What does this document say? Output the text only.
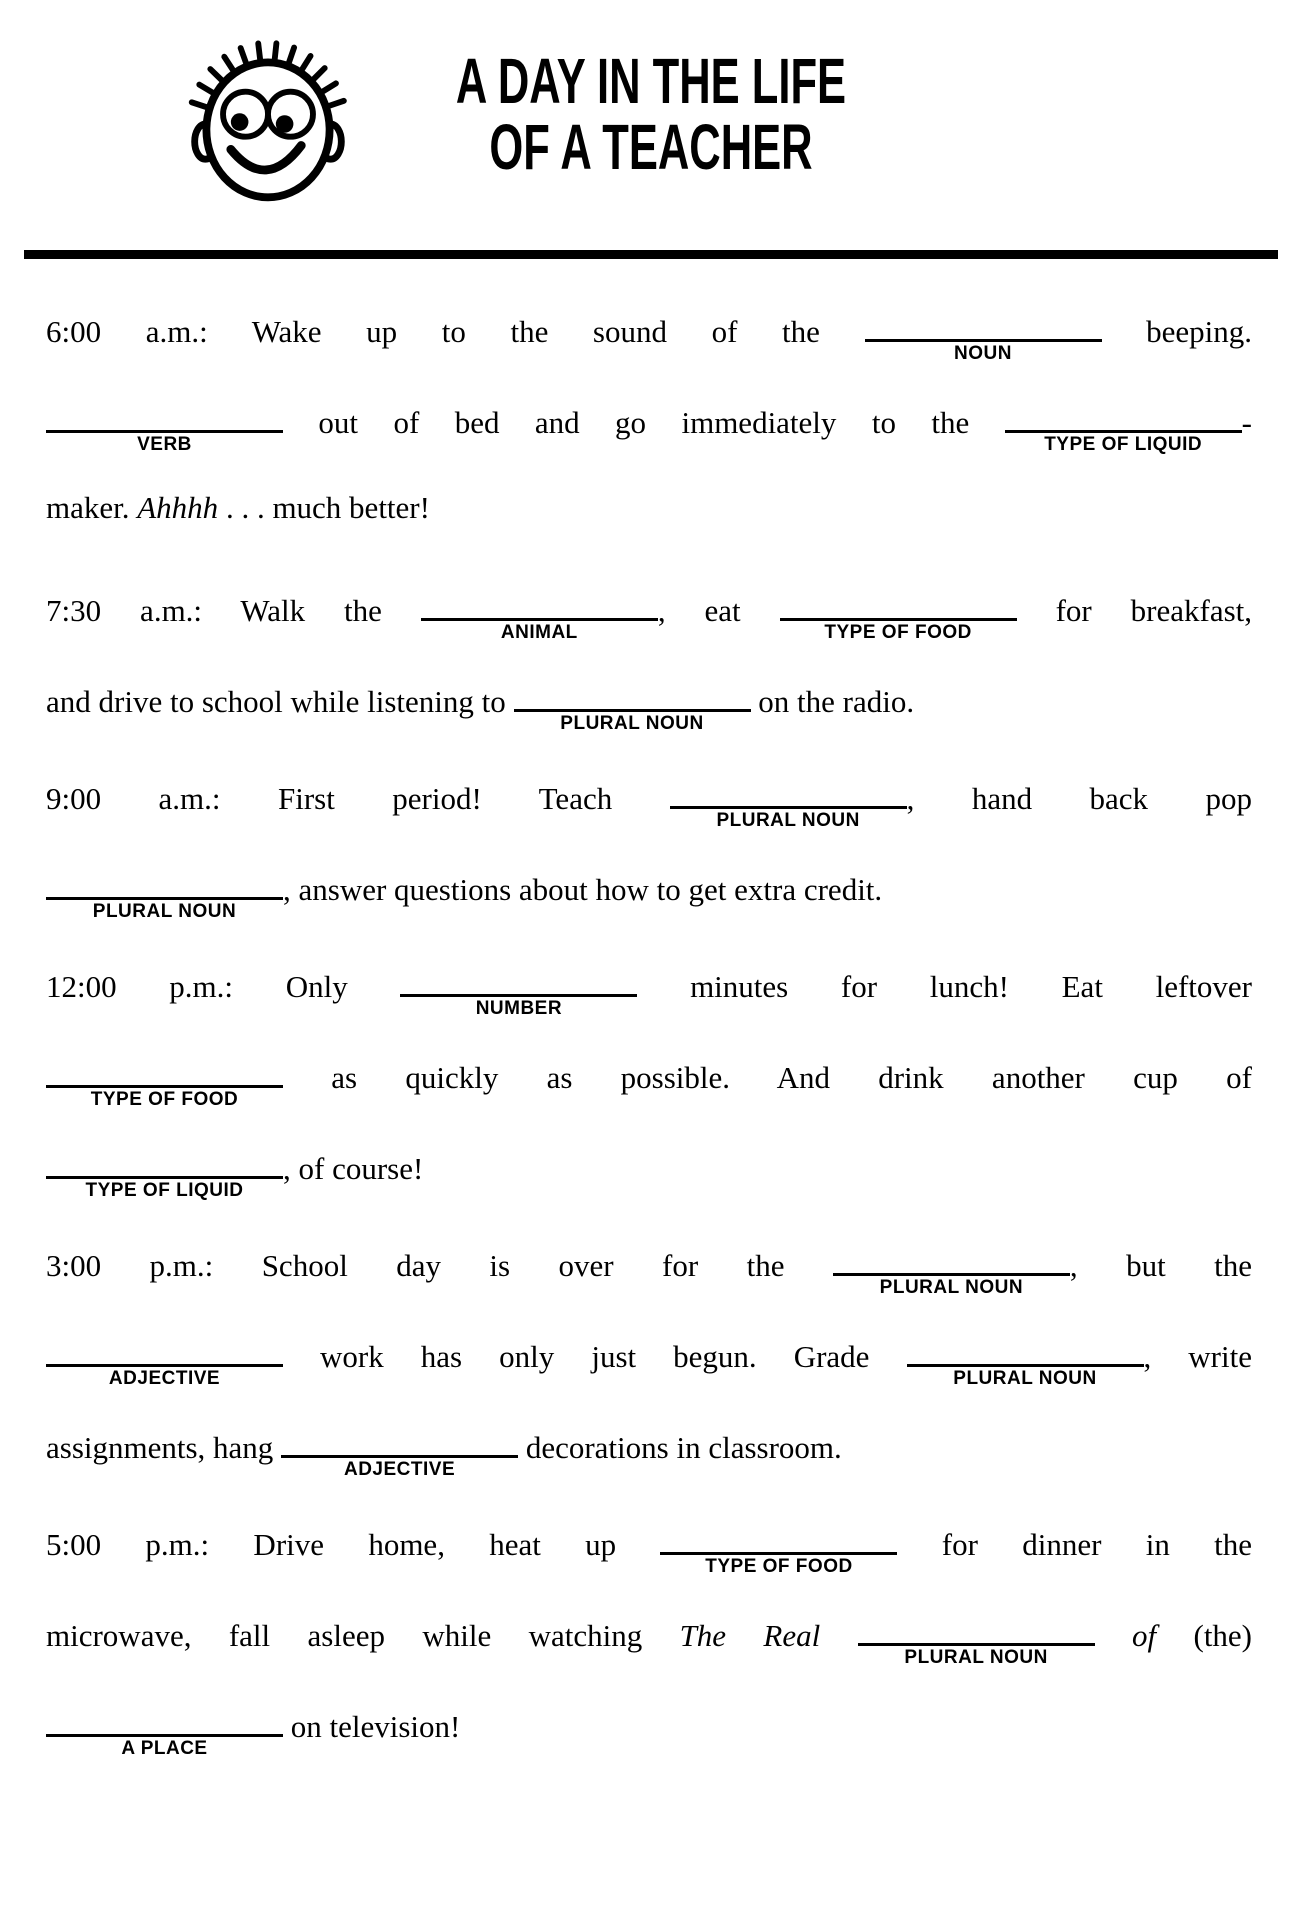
A DAY IN THE LIFE
OF A TEACHER
6:00 a.m.: Wake up to the sound of the
NOUN
beeping.
VERB
out of bed and go immediately to the
TYPE OF LIQUID
-
maker. Ahhhh . . . much better!
7:30 a.m.: Walk the
ANIMAL
, eat
TYPE OF FOOD
for breakfast,
and drive to school while listening to
PLURAL NOUN
on the radio.
9:00 a.m.: First period! Teach
PLURAL NOUN
, hand back pop
PLURAL NOUN
, answer questions about how to get extra credit.
12:00 p.m.: Only
NUMBER
minutes for lunch! Eat leftover
TYPE OF FOOD
as quickly as possible. And drink another cup of
TYPE OF LIQUID
, of course!
3:00 p.m.: School day is over for the
PLURAL NOUN
, but the
ADJECTIVE
work has only just begun. Grade
PLURAL NOUN
, write
assignments, hang
ADJECTIVE
decorations in classroom.
5:00 p.m.: Drive home, heat up
TYPE OF FOOD
for dinner in the
microwave, fall asleep while watching The Real
PLURAL NOUN
of (the)
A PLACE
on television!
